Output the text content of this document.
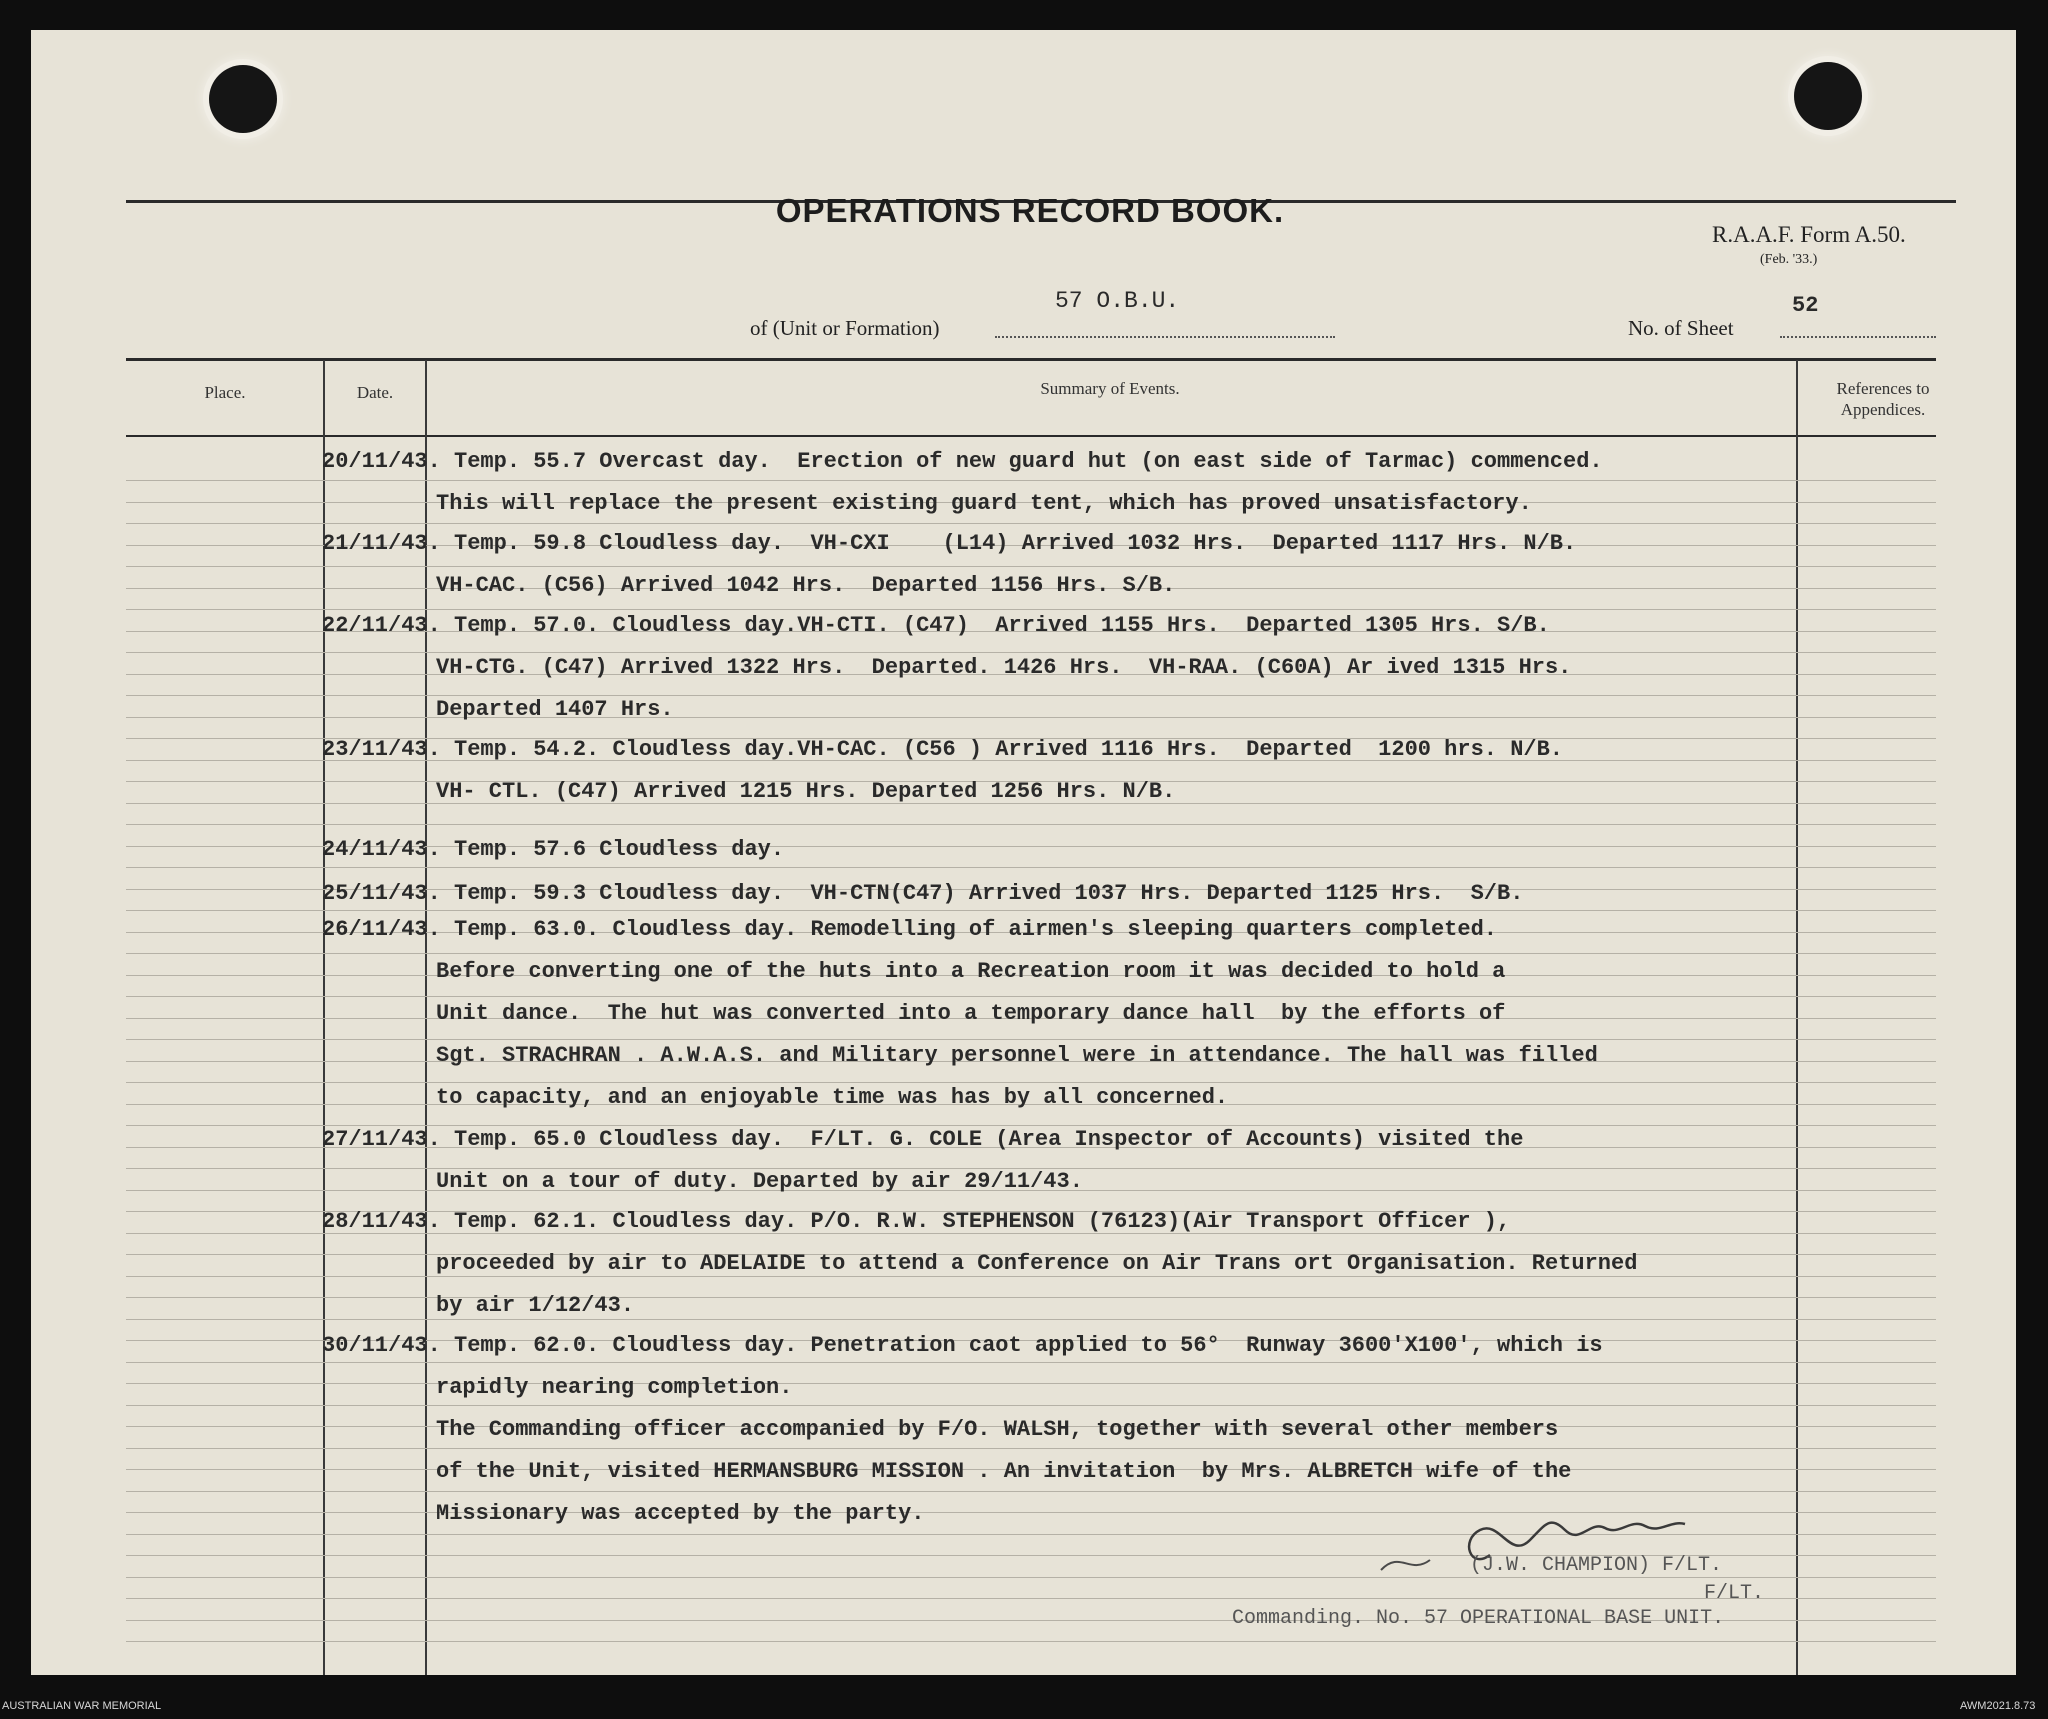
OPERATIONS RECORD BOOK.
R.A.A.F. Form A.50.
(Feb. '33.)
of (Unit or Formation)
57 O.B.U.
No. of Sheet
52
Place.	Date.	Summary of Events.	References to
Appendices.
20/11/43. Temp. 55.7 Overcast day.  Erection of new guard hut (on east side of Tarmac) commenced.
This will replace the present existing guard tent, which has proved unsatisfactory.
21/11/43. Temp. 59.8 Cloudless day.  VH-CXI    (L14) Arrived 1032 Hrs.  Departed 1117 Hrs. N/B.
VH-CAC. (C56) Arrived 1042 Hrs.  Departed 1156 Hrs. S/B.
22/11/43. Temp. 57.0. Cloudless day.VH-CTI. (C47)  Arrived 1155 Hrs.  Departed 1305 Hrs. S/B.
VH-CTG. (C47) Arrived 1322 Hrs.  Departed. 1426 Hrs.  VH-RAA. (C60A) Ar ived 1315 Hrs.
Departed 1407 Hrs.
23/11/43. Temp. 54.2. Cloudless day.VH-CAC. (C56 ) Arrived 1116 Hrs.  Departed  1200 hrs. N/B.
VH- CTL. (C47) Arrived 1215 Hrs. Departed 1256 Hrs. N/B.
24/11/43. Temp. 57.6 Cloudless day.
25/11/43. Temp. 59.3 Cloudless day.  VH-CTN(C47) Arrived 1037 Hrs. Departed 1125 Hrs.  S/B.
26/11/43. Temp. 63.0. Cloudless day. Remodelling of airmen's sleeping quarters completed.
Before converting one of the huts into a Recreation room it was decided to hold a
Unit dance.  The hut was converted into a temporary dance hall  by the efforts of
Sgt. STRACHRAN . A.W.A.S. and Military personnel were in attendance. The hall was filled
to capacity, and an enjoyable time was has by all concerned.
27/11/43. Temp. 65.0 Cloudless day.  F/LT. G. COLE (Area Inspector of Accounts) visited the
Unit on a tour of duty. Departed by air 29/11/43.
28/11/43. Temp. 62.1. Cloudless day. P/O. R.W. STEPHENSON (76123)(Air Transport Officer ),
proceeded by air to ADELAIDE to attend a Conference on Air Trans ort Organisation. Returned
by air 1/12/43.
30/11/43. Temp. 62.0. Cloudless day. Penetration caot applied to 56°  Runway 3600'X100', which is
rapidly nearing completion.
The Commanding officer accompanied by F/O. WALSH, together with several other members
of the Unit, visited HERMANSBURG MISSION . An invitation  by Mrs. ALBRETCH wife of the
Missionary was accepted by the party.
(J.W. CHAMPION) F/LT.
F/LT.
Commanding. No. 57 OPERATIONAL BASE UNIT.
AUSTRALIAN WAR MEMORIAL	AWM2021.8.73
